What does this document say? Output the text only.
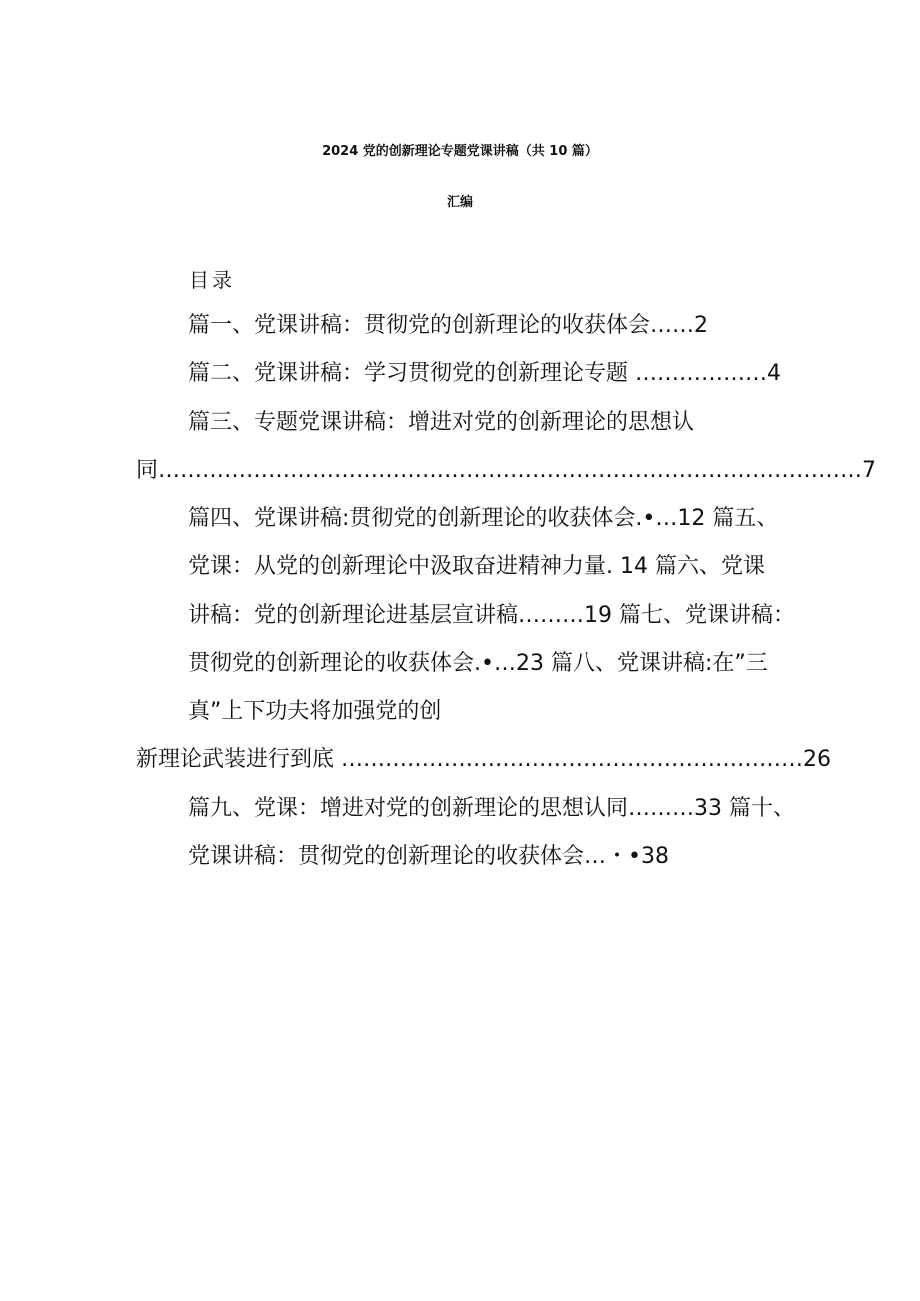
2024 党的创新理论专题党课讲稿（共 10 篇）
汇编
目录
篇一、党课讲稿：贯彻党的创新理论的收获体会……2
篇二、党课讲稿：学习贯彻党的创新理论专题 ………………4
篇三、专题党课讲稿：增进对党的创新理论的思想认
同……………………………………………………………………………………7
篇四、党课讲稿:贯彻党的创新理论的收获体会.•…12 篇五、
党课：从党的创新理论中汲取奋进精神力量. 14 篇六、党课
讲稿：党的创新理论进基层宣讲稿………19 篇七、党课讲稿：
贯彻党的创新理论的收获体会.•…23 篇八、党课讲稿:在”三
真”上下功夫将加强党的创
新理论武装进行到底 ………………………………………………………26
篇九、党课：增进对党的创新理论的思想认同………33 篇十、
党课讲稿：贯彻党的创新理论的收获体会…・•38
